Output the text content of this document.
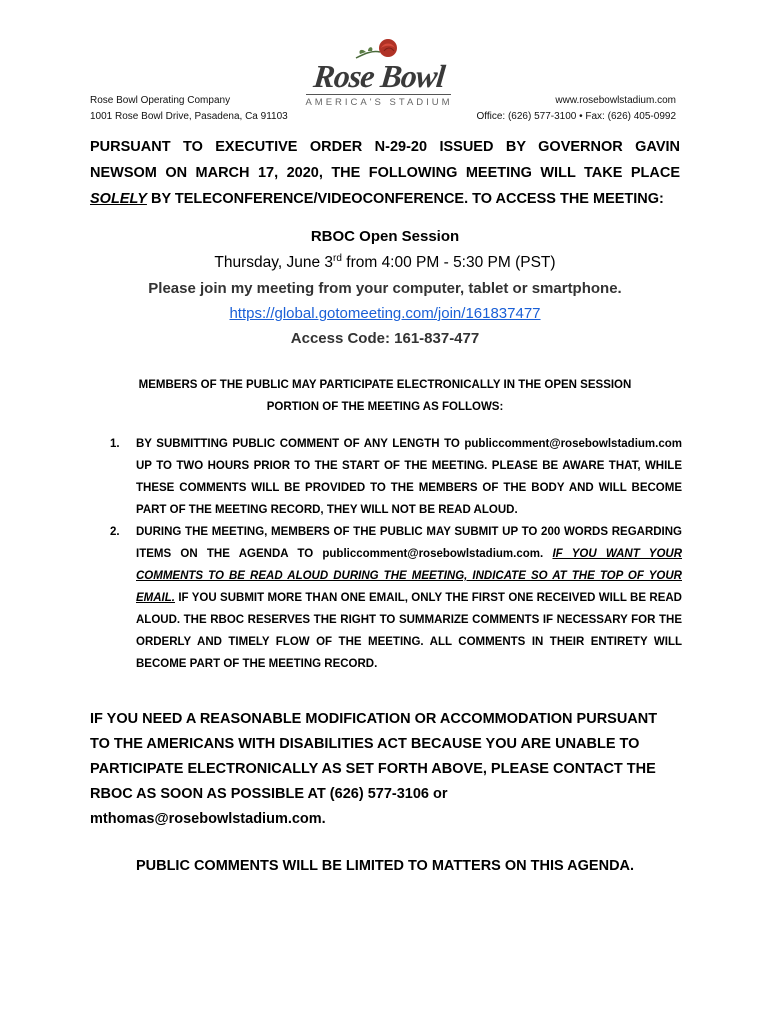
Rose Bowl Operating Company
1001 Rose Bowl Drive, Pasadena, Ca 91103
Rose Bowl
AMERICA'S STADIUM	www.rosebowlstadium.com
Office: (626) 577-3100 • Fax: (626) 405-0992
PURSUANT TO EXECUTIVE ORDER N-29-20 ISSUED BY GOVERNOR GAVIN NEWSOM ON MARCH 17, 2020, THE FOLLOWING MEETING WILL TAKE PLACE SOLELY BY TELECONFERENCE/VIDEOCONFERENCE. TO ACCESS THE MEETING:
RBOC Open Session
Thursday, June 3rd from 4:00 PM - 5:30 PM (PST)
Please join my meeting from your computer, tablet or smartphone.
https://global.gotomeeting.com/join/161837477
Access Code: 161-837-477
MEMBERS OF THE PUBLIC MAY PARTICIPATE ELECTRONICALLY IN THE OPEN SESSION
PORTION OF THE MEETING AS FOLLOWS:
1. BY SUBMITTING PUBLIC COMMENT OF ANY LENGTH TO publiccomment@rosebowlstadium.com UP TO TWO HOURS PRIOR TO THE START OF THE MEETING. PLEASE BE AWARE THAT, WHILE THESE COMMENTS WILL BE PROVIDED TO THE MEMBERS OF THE BODY AND WILL BECOME PART OF THE MEETING RECORD, THEY WILL NOT BE READ ALOUD.
2. DURING THE MEETING, MEMBERS OF THE PUBLIC MAY SUBMIT UP TO 200 WORDS REGARDING ITEMS ON THE AGENDA TO publiccomment@rosebowlstadium.com. IF YOU WANT YOUR COMMENTS TO BE READ ALOUD DURING THE MEETING, INDICATE SO AT THE TOP OF YOUR EMAIL. IF YOU SUBMIT MORE THAN ONE EMAIL, ONLY THE FIRST ONE RECEIVED WILL BE READ ALOUD. THE RBOC RESERVES THE RIGHT TO SUMMARIZE COMMENTS IF NECESSARY FOR THE ORDERLY AND TIMELY FLOW OF THE MEETING. ALL COMMENTS IN THEIR ENTIRETY WILL BECOME PART OF THE MEETING RECORD.
IF YOU NEED A REASONABLE MODIFICATION OR ACCOMMODATION PURSUANT
TO THE AMERICANS WITH DISABILITIES ACT BECAUSE YOU ARE UNABLE TO
PARTICIPATE ELECTRONICALLY AS SET FORTH ABOVE, PLEASE CONTACT THE
RBOC AS SOON AS POSSIBLE AT (626) 577-3106 or
mthomas@rosebowlstadium.com.
PUBLIC COMMENTS WILL BE LIMITED TO MATTERS ON THIS AGENDA.
